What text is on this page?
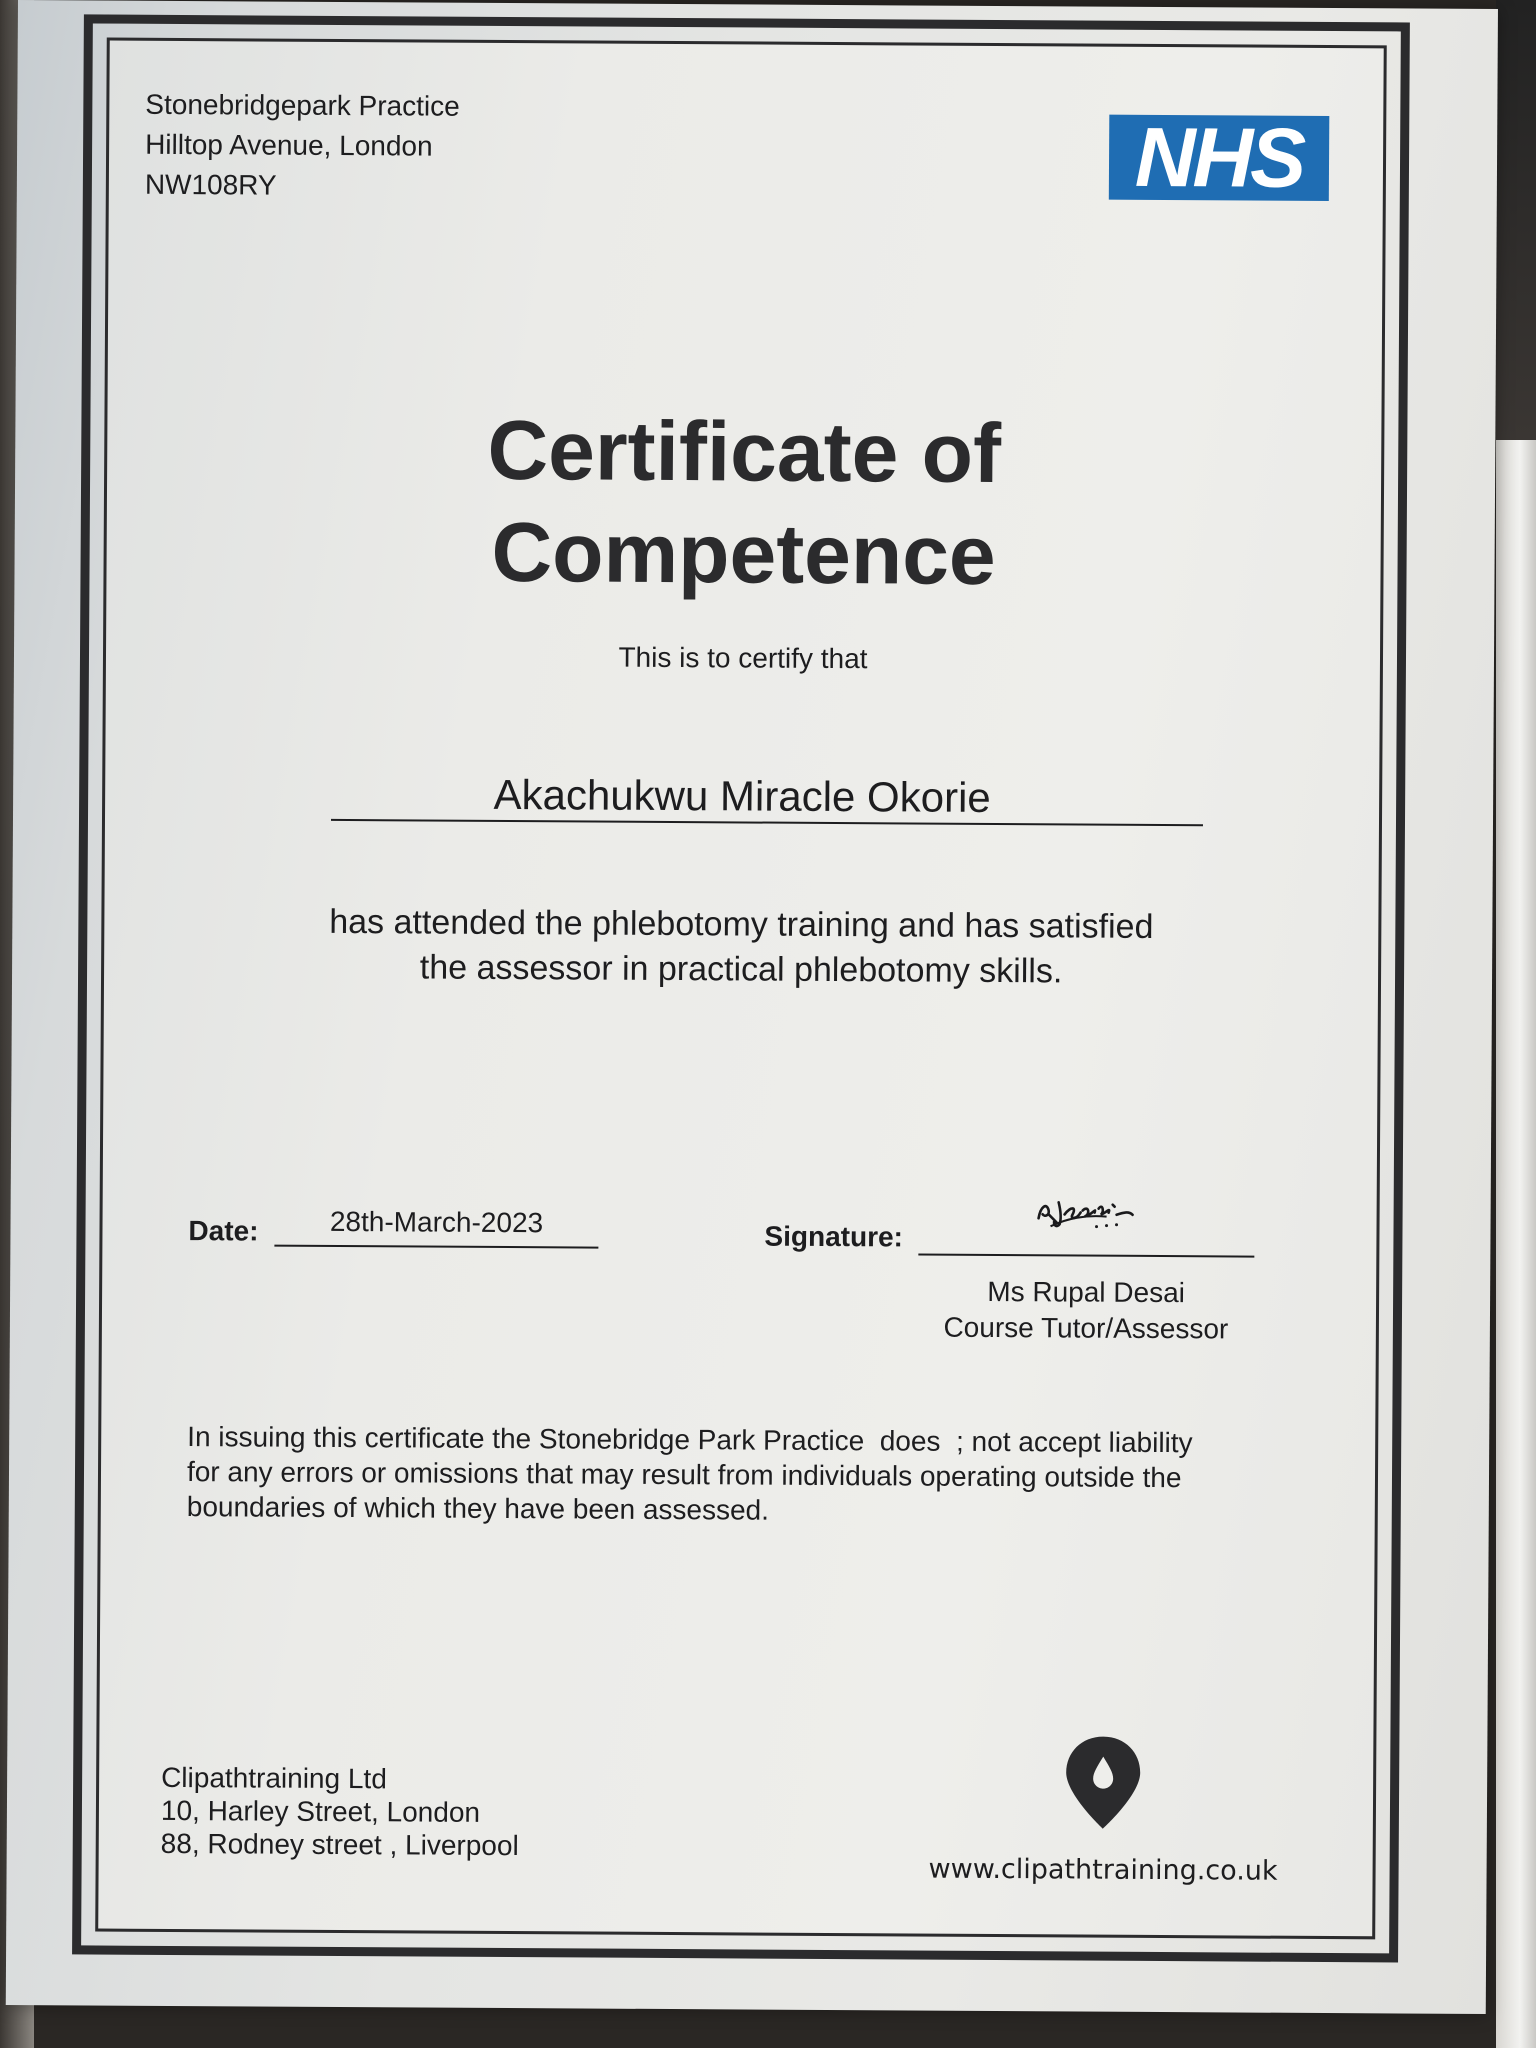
Stonebridgepark Practice
Hilltop Avenue, London
NW108RY	NHS
Certificate of
Competence
This is to certify that
Akachukwu Miracle Okorie
has attended the phlebotomy training and has satisfied
the assessor in practical phlebotomy skills.
Date:	28th-March-2023	Signature:
Ms Rupal Desai
Course Tutor/Assessor
In issuing this certificate the Stonebridge Park Practice  does  ; not accept liability
for any errors or omissions that may result from individuals operating outside the
boundaries of which they have been assessed.
Clipathtraining Ltd
10, Harley Street, London
88, Rodney street , Liverpool
www.clipathtraining.co.uk
